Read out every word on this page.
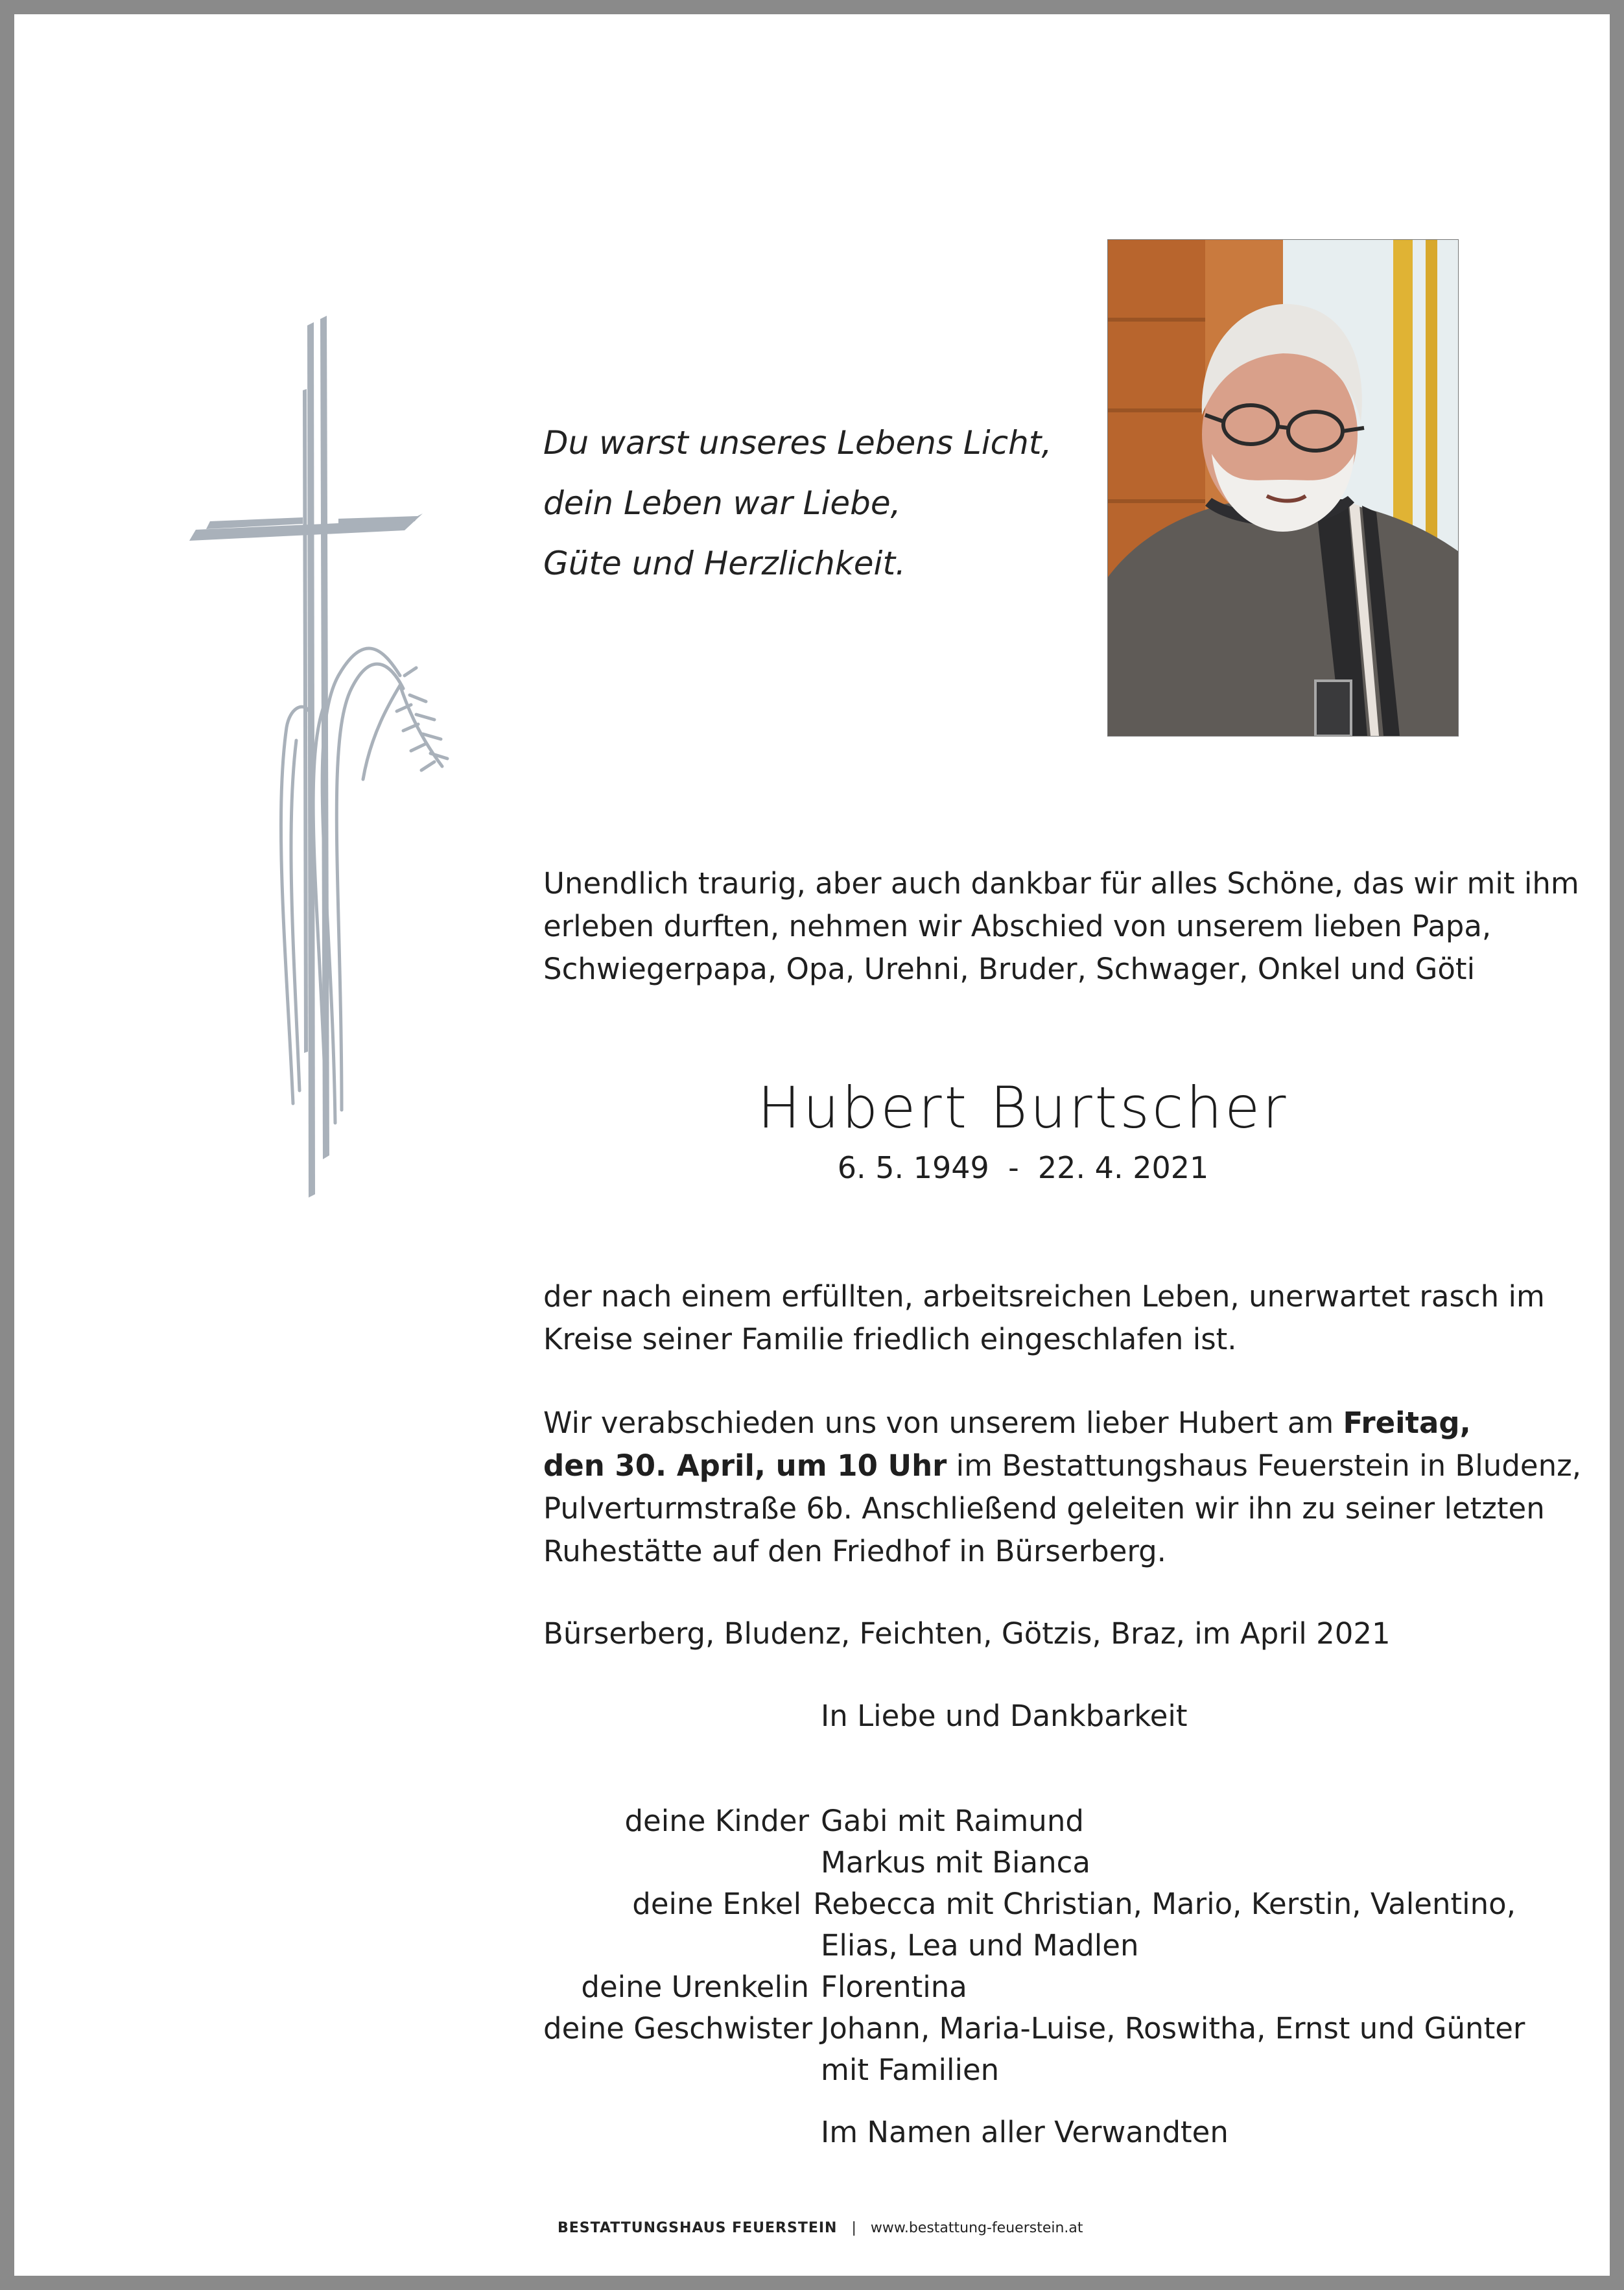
Du warst unseres Lebens Licht,
dein Leben war Liebe,
Güte und Herzlichkeit.
Unendlich traurig, aber auch dankbar für alles Schöne, das wir mit ihm
erleben durften, nehmen wir Abschied von unserem lieben Papa,
Schwiegerpapa, Opa, Urehni, Bruder, Schwager, Onkel und Göti
Hubert Burtscher
6. 5. 1949  -  22. 4. 2021
der nach einem erfüllten, arbeitsreichen Leben, unerwartet rasch im
Kreise seiner Familie friedlich eingeschlafen ist.
Wir verabschieden uns von unserem lieber Hubert am Freitag,
den 30. April, um 10 Uhr im Bestattungshaus Feuerstein in Bludenz,
Pulverturmstraße 6b. Anschließend geleiten wir ihn zu seiner letzten
Ruhestätte auf den Friedhof in Bürserberg.
Bürserberg, Bludenz, Feichten, Götzis, Braz, im April 2021
In Liebe und Dankbarkeit
deine Kinder Gabi mit Raimund
Markus mit Bianca
deine Enkel Rebecca mit Christian, Mario, Kerstin, Valentino,
Elias, Lea und Madlen
deine Urenkelin Florentina
deine Geschwister Johann, Maria-Luise, Roswitha, Ernst und Günter
mit Familien
Im Namen aller Verwandten
BESTATTUNGSHAUS FEUERSTEIN | www.bestattung-feuerstein.at
